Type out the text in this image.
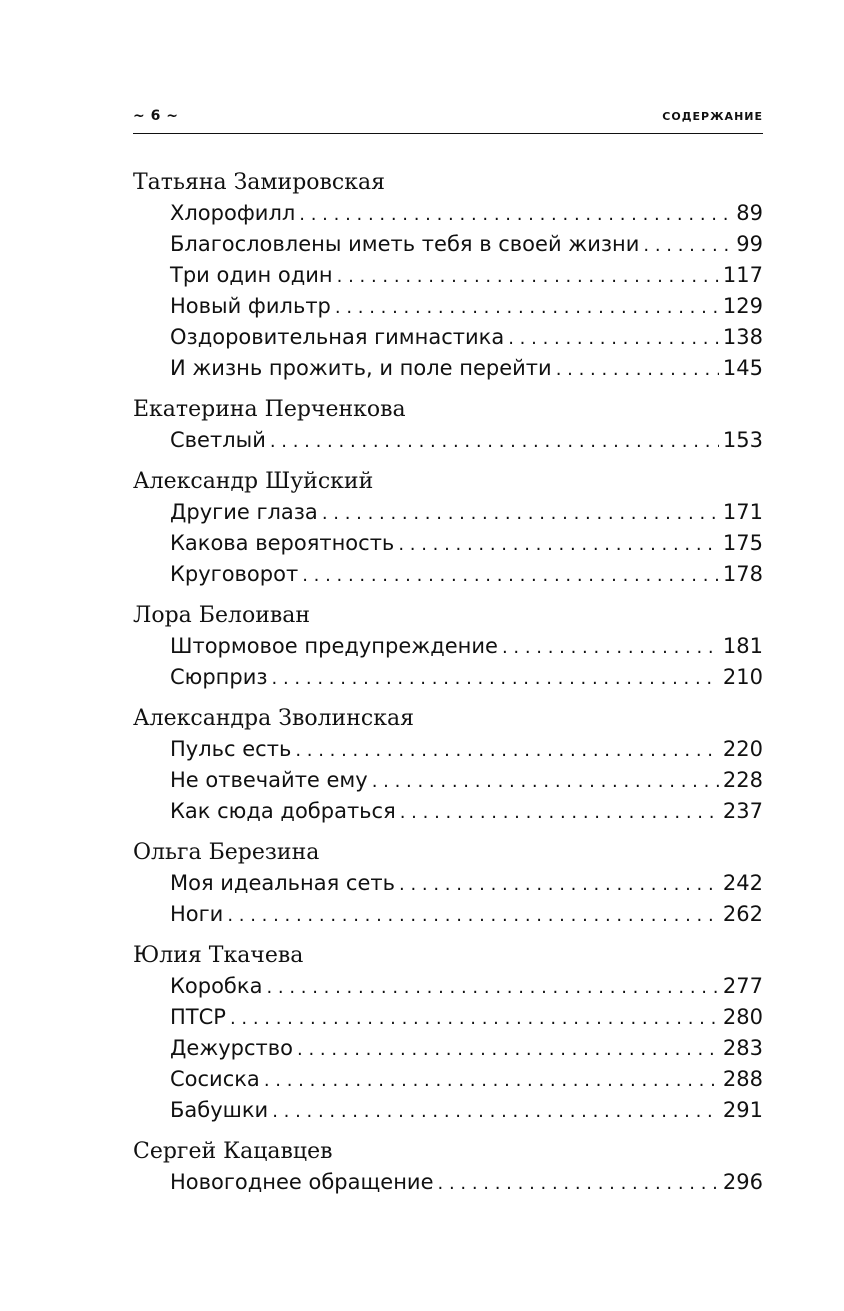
~ 6 ~	СОДЕРЖАНИЕ
Татьяна Замировская
Хлорофилл . . .	89
Благословлены иметь тебя в своей жизни . . .	99
Три один один . . .	117
Новый фильтр . . .	129
Оздоровительная гимнастика . . .	138
И жизнь прожить, и поле перейти . . .	145
Екатерина Перченкова
Светлый . . .	153
Александр Шуйский
Другие глаза . . .	171
Какова вероятность . . .	175
Круговорот . . .	178
Лора Белоиван
Штормовое предупреждение . . .	181
Сюрприз . . .	210
Александра Зволинская
Пульс есть . . .	220
Не отвечайте ему . . .	228
Как сюда добраться . . .	237
Ольга Березина
Моя идеальная сеть . . .	242
Ноги . . .	262
Юлия Ткачева
Коробка . . .	277
ПТСР . . .	280
Дежурство . . .	283
Сосиска . . .	288
Бабушки . . .	291
Сергей Кацавцев
Новогоднее обращение . . .	296
